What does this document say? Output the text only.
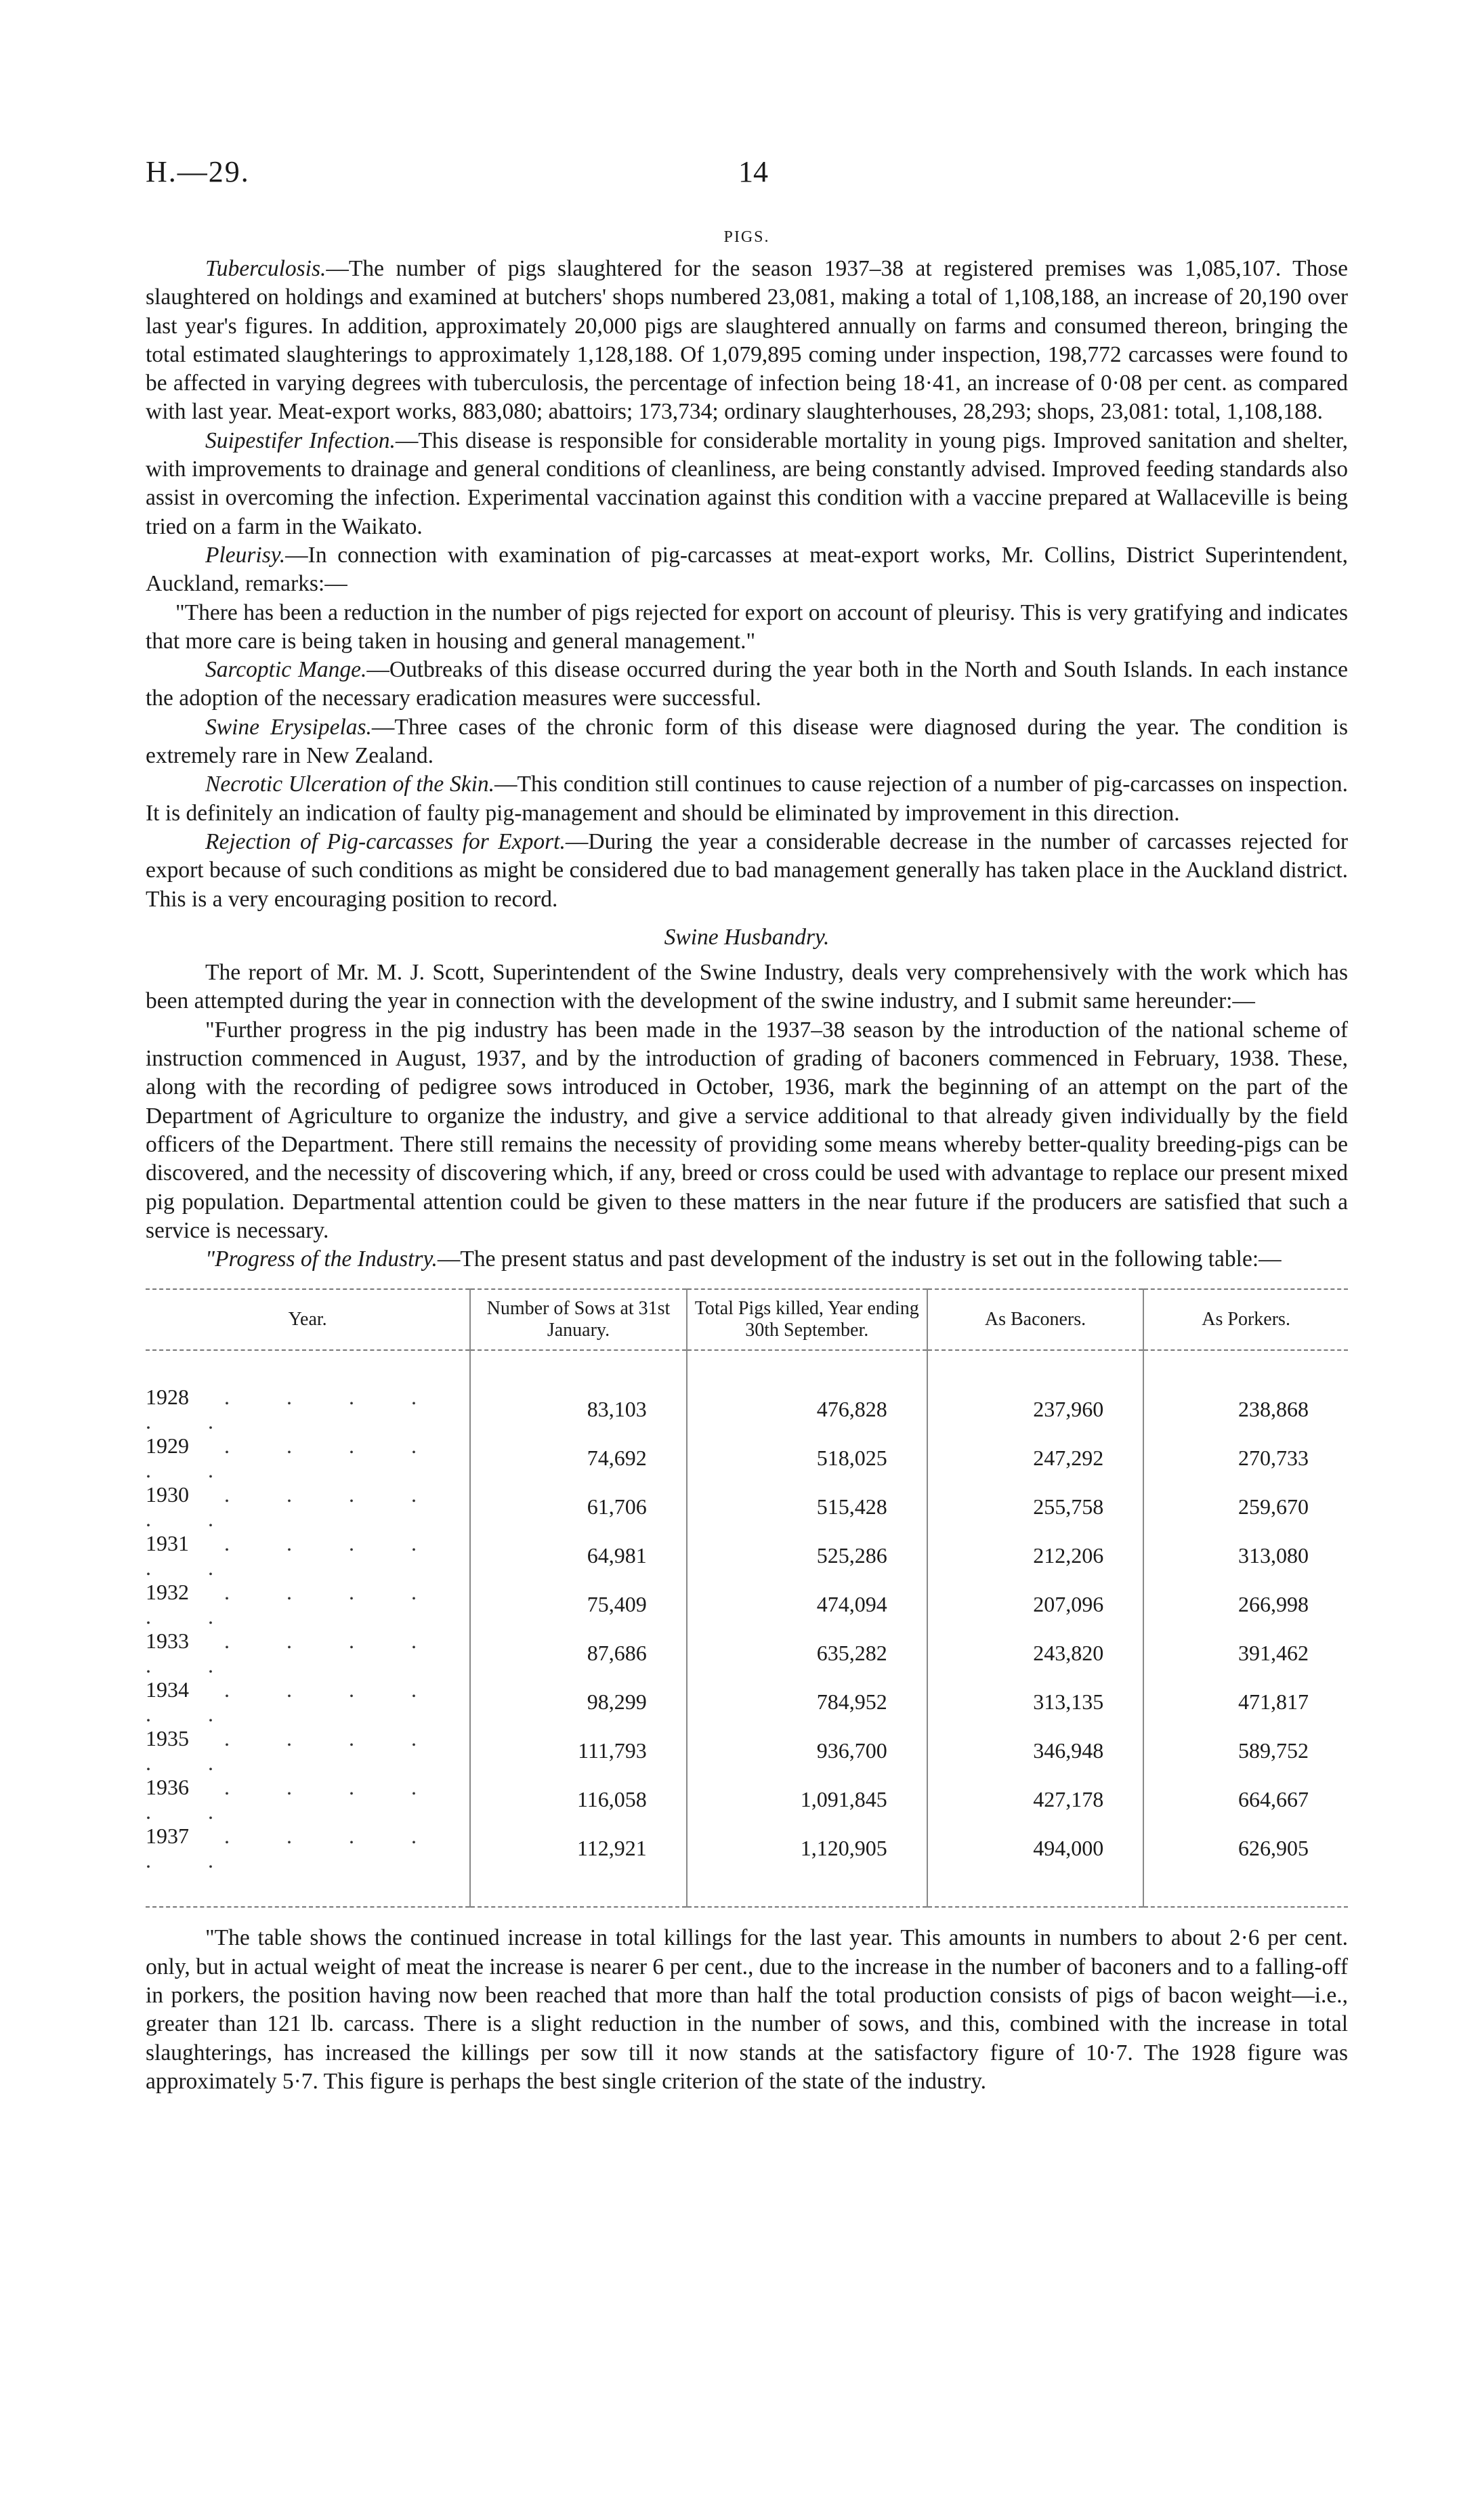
H.—29.	14
PIGS.

Tuberculosis.—The number of pigs slaughtered for the season 1937–38 at registered premises was 1,085,107. Those slaughtered on holdings and examined at butchers' shops numbered 23,081, making a total of 1,108,188, an increase of 20,190 over last year's figures. In addition, approximately 20,000 pigs are slaughtered annually on farms and consumed thereon, bringing the total estimated slaughterings to approximately 1,128,188. Of 1,079,895 coming under inspection, 198,772 carcasses were found to be affected in varying degrees with tuberculosis, the percentage of infection being 18·41, an increase of 0·08 per cent. as compared with last year. Meat-export works, 883,080; abattoirs; 173,734; ordinary slaughterhouses, 28,293; shops, 23,081: total, 1,108,188.

Suipestifer Infection.—This disease is responsible for considerable mortality in young pigs. Improved sanitation and shelter, with improvements to drainage and general conditions of cleanliness, are being constantly advised. Improved feeding standards also assist in overcoming the infection. Experimental vaccination against this condition with a vaccine prepared at Wallaceville is being tried on a farm in the Waikato.

Pleurisy.—In connection with examination of pig-carcasses at meat-export works, Mr. Collins, District Superintendent, Auckland, remarks:—

"There has been a reduction in the number of pigs rejected for export on account of pleurisy. This is very gratifying and indicates that more care is being taken in housing and general management."

Sarcoptic Mange.—Outbreaks of this disease occurred during the year both in the North and South Islands. In each instance the adoption of the necessary eradication measures were successful.

Swine Erysipelas.—Three cases of the chronic form of this disease were diagnosed during the year. The condition is extremely rare in New Zealand.

Necrotic Ulceration of the Skin.—This condition still continues to cause rejection of a number of pig-carcasses on inspection. It is definitely an indication of faulty pig-management and should be eliminated by improvement in this direction.

Rejection of Pig-carcasses for Export.—During the year a considerable decrease in the number of carcasses rejected for export because of such conditions as might be considered due to bad management generally has taken place in the Auckland district. This is a very encouraging position to record.

Swine Husbandry.

The report of Mr. M. J. Scott, Superintendent of the Swine Industry, deals very comprehensively with the work which has been attempted during the year in connection with the development of the swine industry, and I submit same hereunder:—

"Further progress in the pig industry has been made in the 1937–38 season by the introduction of the national scheme of instruction commenced in August, 1937, and by the introduction of grading of baconers commenced in February, 1938. These, along with the recording of pedigree sows introduced in October, 1936, mark the beginning of an attempt on the part of the Department of Agriculture to organize the industry, and give a service additional to that already given individually by the field officers of the Department. There still remains the necessity of providing some means whereby better-quality breeding-pigs can be discovered, and the necessity of discovering which, if any, breed or cross could be used with advantage to replace our present mixed pig population. Departmental attention could be given to these matters in the near future if the producers are satisfied that such a service is necessary.

"Progress of the Industry.—The present status and past development of the industry is set out in the following table:—

Year.	Number of Sows at 31st January.	Total Pigs killed, Year ending 30th September.	As Baconers.	As Porkers.

1928 . . . . . .	83,103	476,828	237,960	238,868
1929 . . . . . .	74,692	518,025	247,292	270,733
1930 . . . . . .	61,706	515,428	255,758	259,670
1931 . . . . . .	64,981	525,286	212,206	313,080
1932 . . . . . .	75,409	474,094	207,096	266,998
1933 . . . . . .	87,686	635,282	243,820	391,462
1934 . . . . . .	98,299	784,952	313,135	471,817
1935 . . . . . .	111,793	936,700	346,948	589,752
1936 . . . . . .	116,058	1,091,845	427,178	664,667
1937 . . . . . .	112,921	1,120,905	494,000	626,905

"The table shows the continued increase in total killings for the last year. This amounts in numbers to about 2·6 per cent. only, but in actual weight of meat the increase is nearer 6 per cent., due to the increase in the number of baconers and to a falling-off in porkers, the position having now been reached that more than half the total production consists of pigs of bacon weight—i.e., greater than 121 lb. carcass. There is a slight reduction in the number of sows, and this, combined with the increase in total slaughterings, has increased the killings per sow till it now stands at the satisfactory figure of 10·7. The 1928 figure was approximately 5·7. This figure is perhaps the best single criterion of the state of the industry.
